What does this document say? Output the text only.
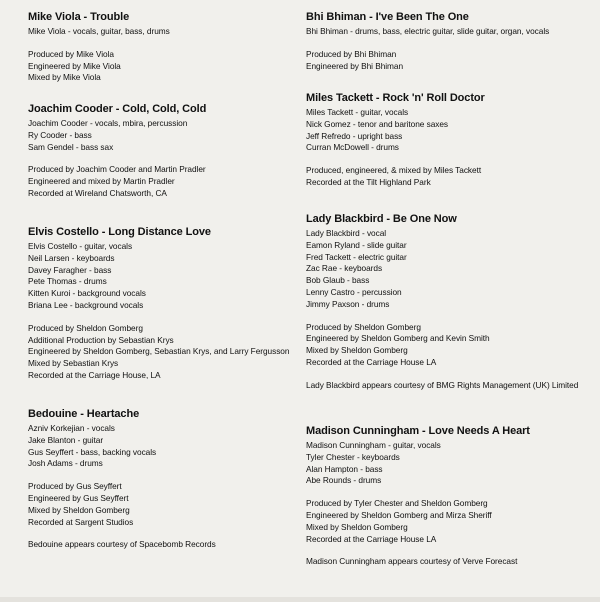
Mike Viola - Trouble
Mike Viola - vocals, guitar, bass, drums
Produced by Mike Viola
Engineered by Mike Viola
Mixed by Mike Viola
Joachim Cooder - Cold, Cold, Cold
Joachim Cooder - vocals, mbira, percussion
Ry Cooder - bass
Sam Gendel - bass sax
Produced by Joachim Cooder and Martin Pradler
Engineered and mixed by Martin Pradler
Recorded at Wireland Chatsworth, CA
Elvis Costello - Long Distance Love
Elvis Costello - guitar, vocals
Neil Larsen - keyboards
Davey Faragher - bass
Pete Thomas - drums
Kitten Kuroi - background vocals
Briana Lee - background vocals
Produced by Sheldon Gomberg
Additional Production by Sebastian Krys
Engineered by Sheldon Gomberg, Sebastian Krys, and Larry Fergusson
Mixed by Sebastian Krys
Recorded at the Carriage House, LA
Bedouine - Heartache
Azniv Korkejian - vocals
Jake Blanton - guitar
Gus Seyffert - bass, backing vocals
Josh Adams - drums
Produced by Gus Seyffert
Engineered by Gus Seyffert
Mixed by Sheldon Gomberg
Recorded at Sargent Studios
Bedouine appears courtesy of Spacebomb Records
Bhi Bhiman - I've Been The One
Bhi Bhiman - drums, bass, electric guitar, slide guitar, organ, vocals
Produced by Bhi Bhiman
Engineered by Bhi Bhiman
Miles Tackett - Rock 'n' Roll Doctor
Miles Tackett - guitar, vocals
Nick Gomez - tenor and baritone saxes
Jeff Refredo - upright bass
Curran McDowell - drums
Produced, engineered, & mixed by Miles Tackett
Recorded at the Tilt Highland Park
Lady Blackbird - Be One Now
Lady Blackbird - vocal
Eamon Ryland - slide guitar
Fred Tackett - electric guitar
Zac Rae - keyboards
Bob Glaub - bass
Lenny Castro - percussion
Jimmy Paxson - drums
Produced by Sheldon Gomberg
Engineered by Sheldon Gomberg and Kevin Smith
Mixed by Sheldon Gomberg
Recorded at the Carriage House LA
Lady Blackbird appears courtesy of BMG Rights Management (UK) Limited
Madison Cunningham - Love Needs A Heart
Madison Cunningham - guitar, vocals
Tyler Chester - keyboards
Alan Hampton - bass
Abe Rounds - drums
Produced by Tyler Chester and Sheldon Gomberg
Engineered by Sheldon Gomberg and Mirza Sheriff
Mixed by Sheldon Gomberg
Recorded at the Carriage House LA
Madison Cunningham appears courtesy of Verve Forecast
